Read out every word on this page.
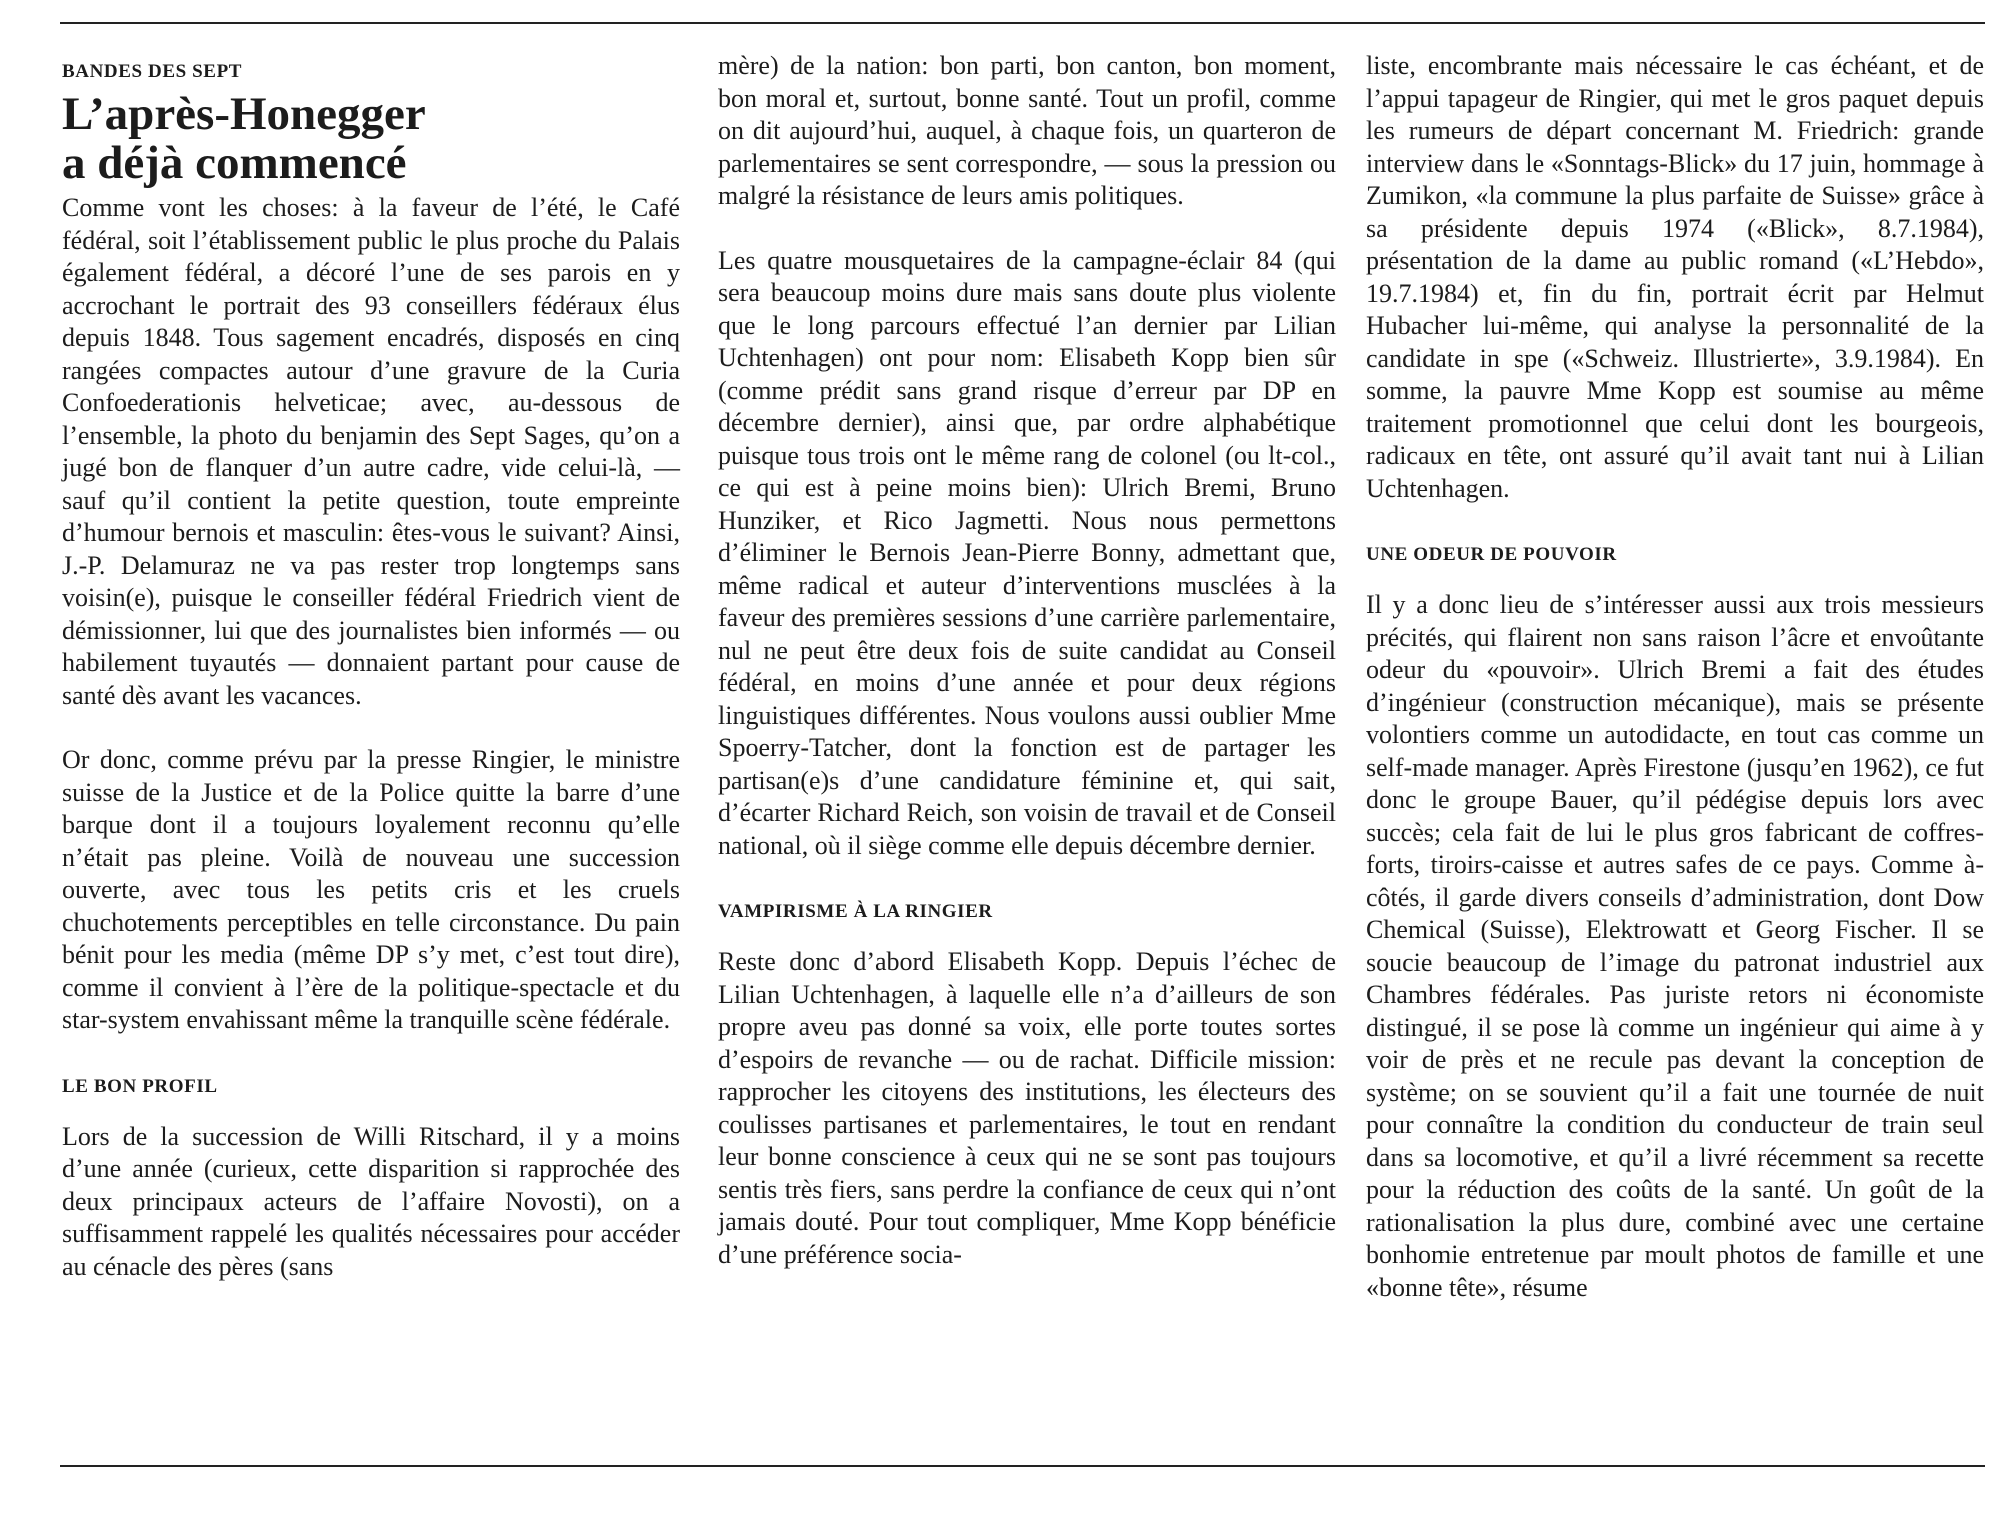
BANDES DES SEPT
L’après-Honegger
a déjà commencé

Comme vont les choses: à la faveur de l’été, le Café fédéral, soit l’établissement public le plus proche du Palais également fédéral, a décoré l’une de ses parois en y accrochant le portrait des 93 conseillers fédéraux élus depuis 1848. Tous sagement encadrés, disposés en cinq rangées compactes autour d’une gravure de la Curia Confoederationis helveticae; avec, au-dessous de l’ensemble, la photo du benjamin des Sept Sages, qu’on a jugé bon de flanquer d’un autre cadre, vide celui-là, — sauf qu’il contient la petite question, toute empreinte d’humour bernois et masculin: êtes-vous le suivant? Ainsi, J.-P. Delamuraz ne va pas rester trop longtemps sans voisin(e), puisque le conseiller fédéral Friedrich vient de démissionner, lui que des journalistes bien informés — ou habilement tuyautés — donnaient partant pour cause de santé dès avant les vacances.

Or donc, comme prévu par la presse Ringier, le ministre suisse de la Justice et de la Police quitte la barre d’une barque dont il a toujours loyalement reconnu qu’elle n’était pas pleine. Voilà de nouveau une succession ouverte, avec tous les petits cris et les cruels chuchotements perceptibles en telle circonstance. Du pain bénit pour les media (même DP s’y met, c’est tout dire), comme il convient à l’ère de la politique-spectacle et du star-system envahissant même la tranquille scène fédérale.

LE BON PROFIL

Lors de la succession de Willi Ritschard, il y a moins d’une année (curieux, cette disparition si rapprochée des deux principaux acteurs de l’affaire Novosti), on a suffisamment rappelé les qualités nécessaires pour accéder au cénacle des pères (sans

mère) de la nation: bon parti, bon canton, bon moment, bon moral et, surtout, bonne santé. Tout un profil, comme on dit aujourd’hui, auquel, à chaque fois, un quarteron de parlementaires se sent correspondre, — sous la pression ou malgré la résistance de leurs amis politiques.

Les quatre mousquetaires de la campagne-éclair 84 (qui sera beaucoup moins dure mais sans doute plus violente que le long parcours effectué l’an dernier par Lilian Uchtenhagen) ont pour nom: Elisabeth Kopp bien sûr (comme prédit sans grand risque d’erreur par DP en décembre dernier), ainsi que, par ordre alphabétique puisque tous trois ont le même rang de colonel (ou lt-col., ce qui est à peine moins bien): Ulrich Bremi, Bruno Hunziker, et Rico Jagmetti. Nous nous permettons d’éliminer le Bernois Jean-Pierre Bonny, admettant que, même radical et auteur d’interventions musclées à la faveur des premières sessions d’une carrière parlementaire, nul ne peut être deux fois de suite candidat au Conseil fédéral, en moins d’une année et pour deux régions linguistiques différentes. Nous voulons aussi oublier Mme Spoerry-Tatcher, dont la fonction est de partager les partisan(e)s d’une candidature féminine et, qui sait, d’écarter Richard Reich, son voisin de travail et de Conseil national, où il siège comme elle depuis décembre dernier.

VAMPIRISME À LA RINGIER

Reste donc d’abord Elisabeth Kopp. Depuis l’échec de Lilian Uchtenhagen, à laquelle elle n’a d’ailleurs de son propre aveu pas donné sa voix, elle porte toutes sortes d’espoirs de revanche — ou de rachat. Difficile mission: rapprocher les citoyens des institutions, les électeurs des coulisses partisanes et parlementaires, le tout en rendant leur bonne conscience à ceux qui ne se sont pas toujours sentis très fiers, sans perdre la confiance de ceux qui n’ont jamais douté. Pour tout compliquer, Mme Kopp bénéficie d’une préférence socia-

liste, encombrante mais nécessaire le cas échéant, et de l’appui tapageur de Ringier, qui met le gros paquet depuis les rumeurs de départ concernant M. Friedrich: grande interview dans le «Sonntags-Blick» du 17 juin, hommage à Zumikon, «la commune la plus parfaite de Suisse» grâce à sa présidente depuis 1974 («Blick», 8.7.1984), présentation de la dame au public romand («L’Hebdo», 19.7.1984) et, fin du fin, portrait écrit par Helmut Hubacher lui-même, qui analyse la personnalité de la candidate in spe («Schweiz. Illustrierte», 3.9.1984). En somme, la pauvre Mme Kopp est soumise au même traitement promotionnel que celui dont les bourgeois, radicaux en tête, ont assuré qu’il avait tant nui à Lilian Uchtenhagen.

UNE ODEUR DE POUVOIR

Il y a donc lieu de s’intéresser aussi aux trois messieurs précités, qui flairent non sans raison l’âcre et envoûtante odeur du «pouvoir». Ulrich Bremi a fait des études d’ingénieur (construction mécanique), mais se présente volontiers comme un autodidacte, en tout cas comme un self-made manager. Après Firestone (jusqu’en 1962), ce fut donc le groupe Bauer, qu’il pédégise depuis lors avec succès; cela fait de lui le plus gros fabricant de coffres-forts, tiroirs-caisse et autres safes de ce pays. Comme à-côtés, il garde divers conseils d’administration, dont Dow Chemical (Suisse), Elektrowatt et Georg Fischer. Il se soucie beaucoup de l’image du patronat industriel aux Chambres fédérales. Pas juriste retors ni économiste distingué, il se pose là comme un ingénieur qui aime à y voir de près et ne recule pas devant la conception de système; on se souvient qu’il a fait une tournée de nuit pour connaître la condition du conducteur de train seul dans sa locomotive, et qu’il a livré récemment sa recette pour la réduction des coûts de la santé. Un goût de la rationalisation la plus dure, combiné avec une certaine bonhomie entretenue par moult photos de famille et une «bonne tête», résume
